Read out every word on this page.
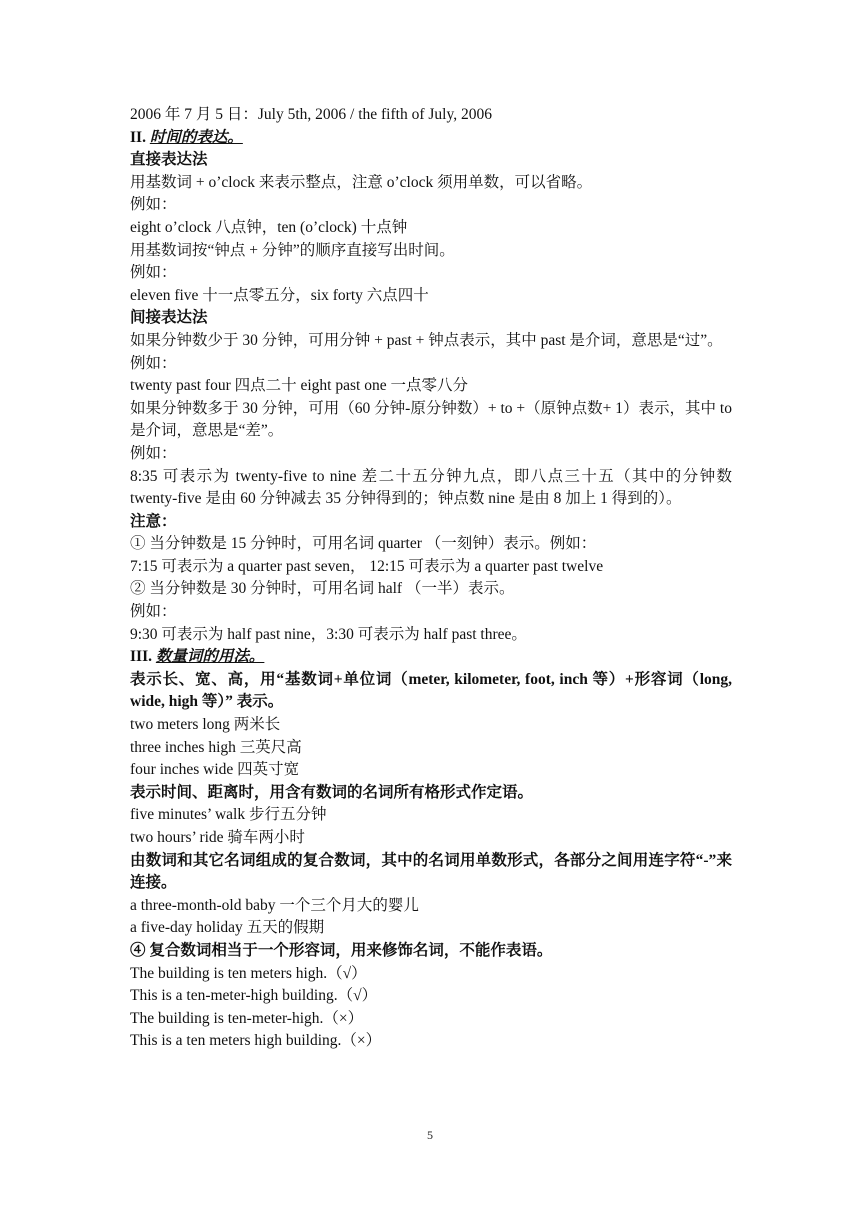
2006 年 7 月 5 日：July 5th, 2006 / the fifth of July, 2006
II. 时间的表达。
直接表达法
用基数词 + o’clock 来表示整点，注意 o’clock 须用单数，可以省略。
例如：
eight o’clock 八点钟，ten (o’clock) 十点钟
用基数词按“钟点 + 分钟”的顺序直接写出时间。
例如：
eleven five 十一点零五分，six forty 六点四十
间接表达法
如果分钟数少于 30 分钟，可用分钟 + past + 钟点表示，其中 past 是介词，意思是“过”。
例如：
twenty past four 四点二十 eight past one 一点零八分
如果分钟数多于 30 分钟，可用（60 分钟-原分钟数）+ to +（原钟点数+ 1）表示，其中 to 是介词，意思是“差”。
例如：
8:35 可表示为 twenty-five to nine 差二十五分钟九点，即八点三十五（其中的分钟数 twenty-five 是由 60 分钟减去 35 分钟得到的；钟点数 nine 是由 8 加上 1 得到的）。
注意：
① 当分钟数是 15 分钟时，可用名词 quarter （一刻钟）表示。例如：
7:15 可表示为 a quarter past seven， 12:15 可表示为 a quarter past twelve
② 当分钟数是 30 分钟时，可用名词 half （一半）表示。
例如：
9:30 可表示为 half past nine，3:30 可表示为 half past three。
III. 数量词的用法。
表示长、宽、高，用“基数词+单位词（meter, kilometer, foot, inch 等）+形容词（long, wide, high 等）” 表示。
two meters long 两米长
three inches high 三英尺高
four inches wide 四英寸宽
表示时间、距离时，用含有数词的名词所有格形式作定语。
five minutes’ walk 步行五分钟
two hours’ ride 骑车两小时
由数词和其它名词组成的复合数词，其中的名词用单数形式，各部分之间用连字符“-”来连接。
a three-month-old baby 一个三个月大的婴儿
a five-day holiday 五天的假期
④ 复合数词相当于一个形容词，用来修饰名词，不能作表语。
The building is ten meters high.（√）
This is a ten-meter-high building.（√）
The building is ten-meter-high.（×）
This is a ten meters high building.（×）
5
